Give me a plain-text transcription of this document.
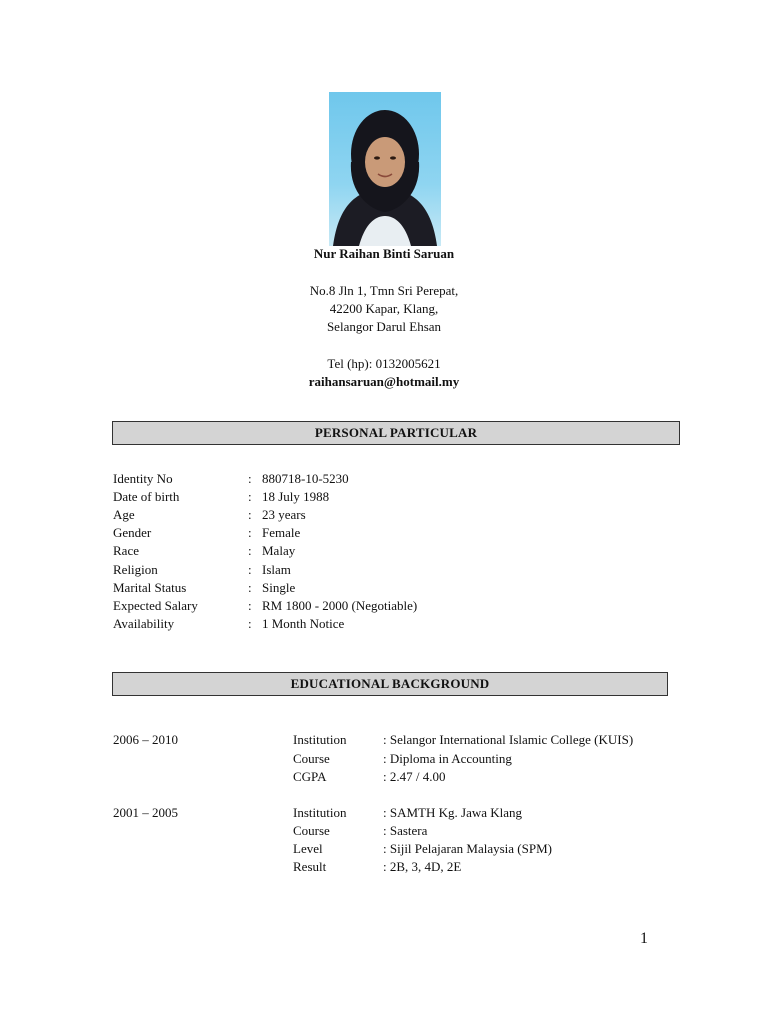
Nur Raihan Binti Saruan
No.8 Jln 1, Tmn Sri Perepat,
42200 Kapar, Klang,
Selangor Darul Ehsan
Tel (hp): 0132005621
raihansaruan@hotmail.my
PERSONAL PARTICULAR
Identity No	: 880718-10-5230
Date of birth	: 18 July 1988
Age	: 23 years
Gender	: Female
Race	: Malay
Religion	: Islam
Marital Status	: Single
Expected Salary	: RM 1800 - 2000 (Negotiable)
Availability	: 1 Month Notice
EDUCATIONAL BACKGROUND
2006 – 2010	Institution	: Selangor International Islamic College (KUIS)
Course	: Diploma in Accounting
CGPA	: 2.47 / 4.00
2001 – 2005	Institution	: SAMTH Kg. Jawa Klang
Course	: Sastera
Level	: Sijil Pelajaran Malaysia (SPM)
Result	: 2B, 3, 4D, 2E
1
